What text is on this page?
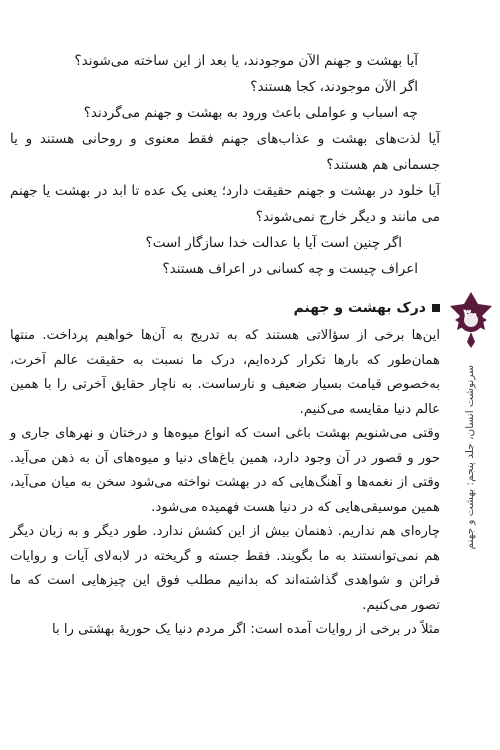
آیا بهشت و جهنم الآن موجودند، یا بعد از این ساخته می‌شوند؟

اگر الآن موجودند، کجا هستند؟

چه اسباب و عواملی باعث ورود به بهشت و جهنم می‌گردند؟

آیا لذت‌های بهشت و عذاب‌های جهنم فقط معنوی و روحانی هستند و یا جسمانی هم هستند؟

آیا خلود در بهشت و جهنم حقیقت دارد؛ یعنی یک عده تا ابد در بهشت یا جهنم می مانند و دیگر خارج نمی‌شوند؟

اگر چنین است آیا با عدالت خدا سازگار است؟

اعراف چیست و چه کسانی در اعراف هستند؟

درک بهشت و جهنم

این‌ها برخی از سؤالاتی هستند که به تدریج به آن‌ها خواهیم پرداخت. منتها همان‌طور که بارها تکرار کرده‌ایم، درک ما نسبت به حقیقت عالم آخرت، به‌خصوص قیامت بسیار ضعیف و نارساست. به ناچار حقایق آخرتی را با همین عالم دنیا مقایسه می‌کنیم.

وقتی می‌شنویم بهشت باغی است که انواع میوه‌ها و درختان و نهرهای جاری و حور و قصور در آن وجود دارد، همین باغ‌های دنیا و میوه‌های آن به ذهن می‌آید. وقتی از نغمه‌ها و آهنگ‌هایی که در بهشت نواخته می‌شود سخن به میان می‌آید، همین موسیقی‌هایی که در دنیا هست فهمیده می‌شود.

چاره‌ای هم نداریم. ذهنمان بیش از این کشش ندارد. طور دیگر و به زبان دیگر هم نمی‌توانستند به ما بگویند. فقط جسته و گریخته در لابه‌لای آیات و روایات قرائن و شواهدی گذاشته‌اند که بدانیم مطلب فوق این چیزهایی است که ما تصور می‌کنیم.

مثلاً در برخی از روایات آمده است: اگر مردم دنیا یک حوریهٔ بهشتی را با

۳۰
سرنوشت انسان، جلد پنجم: بهشت و جهنم
